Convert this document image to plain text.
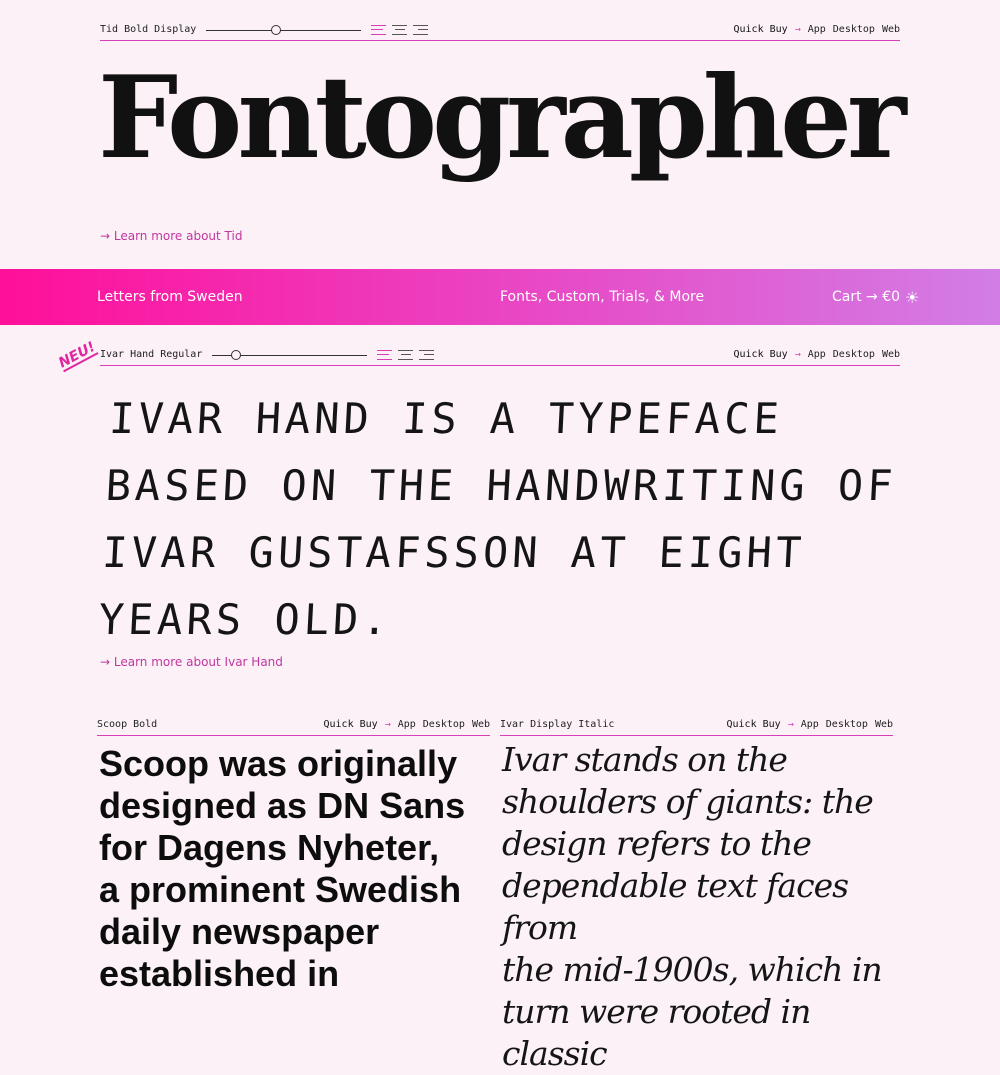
Tid Bold Display	Quick Buy → App Desktop Web
Fontographer
→ Learn more about Tid
Letters from Sweden	Fonts, Custom, Trials, & More	Cart → €0 ☀
NEU! Ivar Hand Regular	Quick Buy → App Desktop Web
IVAR HAND IS A TYPEFACE
BASED ON THE HANDWRITING OF
IVAR GUSTAFSSON AT EIGHT
YEARS OLD.
→ Learn more about Ivar Hand
Scoop Bold	Quick Buy → App Desktop Web
Scoop was originally
designed as DN Sans
for Dagens Nyheter,
a prominent Swedish
daily newspaper
established in
Ivar Display Italic	Quick Buy → App Desktop Web
Ivar stands on the
shoulders of giants: the
design refers to the
dependable text faces from
the mid-1900s, which in
turn were rooted in classic
